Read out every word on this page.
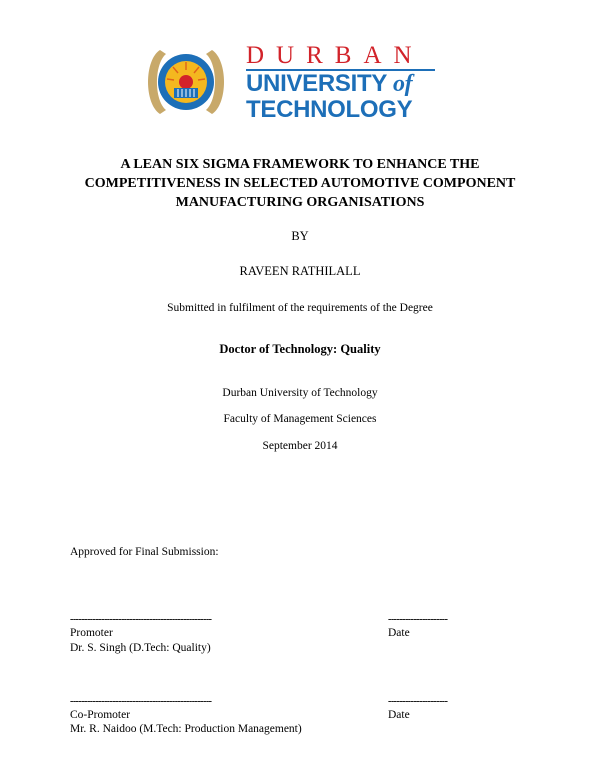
DURBAN
UNIVERSITY of
TECHNOLOGY
A LEAN SIX SIGMA FRAMEWORK TO ENHANCE THE
COMPETITIVENESS IN SELECTED AUTOMOTIVE COMPONENT
MANUFACTURING ORGANISATIONS
BY
RAVEEN RATHILALL
Submitted in fulfilment of the requirements of the Degree
Doctor of Technology: Quality
Durban University of Technology
Faculty of Management Sciences
September 2014
Approved for Final Submission:
--------------------------------------------------	---------------------
Promoter	Date
Dr. S. Singh (D.Tech: Quality)
--------------------------------------------------	---------------------
Co-Promoter	Date
Mr. R. Naidoo (M.Tech: Production Management)
